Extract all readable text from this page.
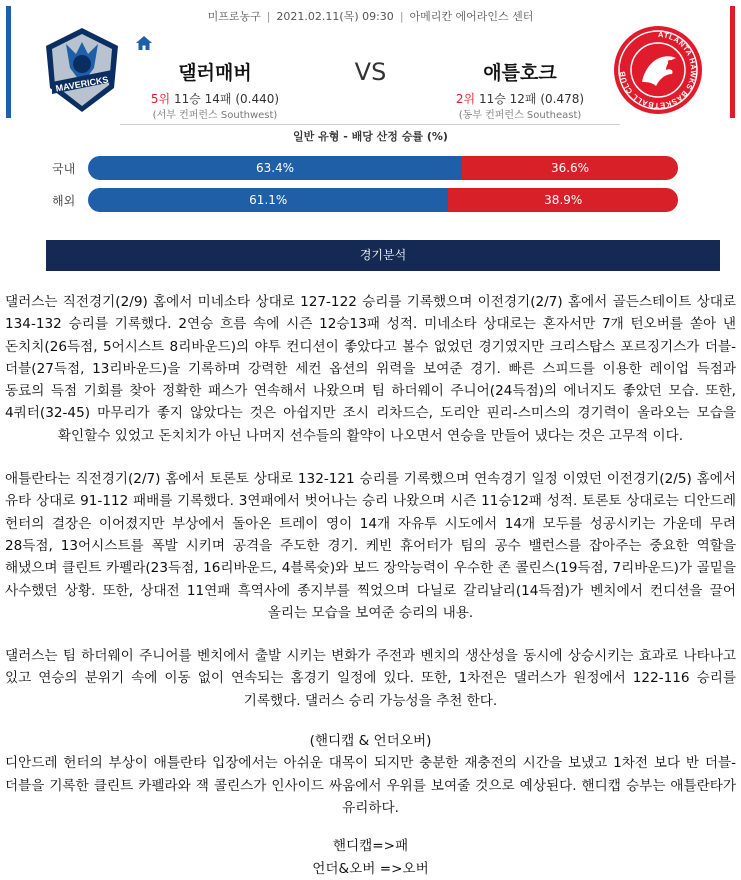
미프로농구 | 2021.02.11(목) 09:30 | 아메리칸 에어라인스 센터
MAVERICKS
ATLANTA HAWKS BASKETBALL CLUB
댈러매버	VS	애틀호크
5위 11승 14패 (0.440)	2위 11승 12패 (0.478)
(서부 컨퍼런스 Southwest)	(동부 컨퍼런스 Southeast)
일반 유형 - 배당 산정 승률 (%)
국내	63.4%	36.6%
해외	61.1%	38.9%
경기분석

댈러스는 직전경기(2/9) 홈에서 미네소타 상대로 127-122 승리를 기록했으며 이전경기(2/7) 홈에서 골든스테이트 상대로 134-132 승리를 기록했다. 2연승 흐름 속에 시즌 12승13패 성적. 미네소타 상대로는 혼자서만 7개 턴오버를 쏟아 낸 돈치치(26득점, 5어시스트 8리바운드)의 야투 컨디션이 좋았다고 볼수 없었던 경기였지만 크리스탑스 포르징기스가 더블-더블(27득점, 13리바운드)을 기록하며 강력한 세컨 옵션의 위력을 보여준 경기. 빠른 스피드를 이용한 레이업 득점과 동료의 득점 기회를 찾아 정확한 패스가 연속해서 나왔으며 팀 하더웨이 주니어(24득점)의 에너지도 좋았던 모습. 또한, 4쿼터(32-45) 마무리가 좋지 않았다는 것은 아쉽지만 조시 리차드슨, 도리안 핀리-스미스의 경기력이 올라오는 모습을 확인할수 있었고 돈치치가 아닌 나머지 선수들의 활약이 나오면서 연승을 만들어 냈다는 것은 고무적 이다.

애틀란타는 직전경기(2/7) 홈에서 토론토 상대로 132-121 승리를 기록했으며 연속경기 일정 이였던 이전경기(2/5) 홈에서 유타 상대로 91-112 패배를 기록했다. 3연패에서 벗어나는 승리 나왔으며 시즌 11승12패 성적. 토론토 상대로는 디안드레 헌터의 결장은 이어졌지만 부상에서 돌아온 트레이 영이 14개 자유투 시도에서 14개 모두를 성공시키는 가운데 무려 28득점, 13어시스트를 폭발 시키며 공격을 주도한 경기. 케빈 휴어터가 팀의 공수 밸런스를 잡아주는 중요한 역할을 해냈으며 클린트 카펠라(23득점, 16리바운드, 4블록슛)와 보드 장악능력이 우수한 존 콜린스(19득점, 7리바운드)가 골밑을 사수했던 상황. 또한, 상대전 11연패 흑역사에 종지부를 찍었으며 다닐로 갈리날리(14득점)가 벤치에서 컨디션을 끌어 올리는 모습을 보여준 승리의 내용.

댈러스는 팀 하더웨이 주니어를 벤치에서 출발 시키는 변화가 주전과 벤치의 생산성을 동시에 상승시키는 효과로 나타나고 있고 연승의 분위기 속에 이동 없이 연속되는 홈경기 일정에 있다. 또한, 1차전은 댈러스가 원정에서 122-116 승리를 기록했다. 댈러스 승리 가능성을 추천 한다.

(핸디캡 & 언더오버)
디안드레 헌터의 부상이 애틀란타 입장에서는 아쉬운 대목이 되지만 충분한 재충전의 시간을 보냈고 1차전 보다 반 더블-더블을 기록한 클린트 카펠라와 잭 콜린스가 인사이드 싸움에서 우위를 보여줄 것으로 예상된다. 핸디캡 승부는 애틀란타가 유리하다.

핸디캡=>패
언더&오버 =>오버
